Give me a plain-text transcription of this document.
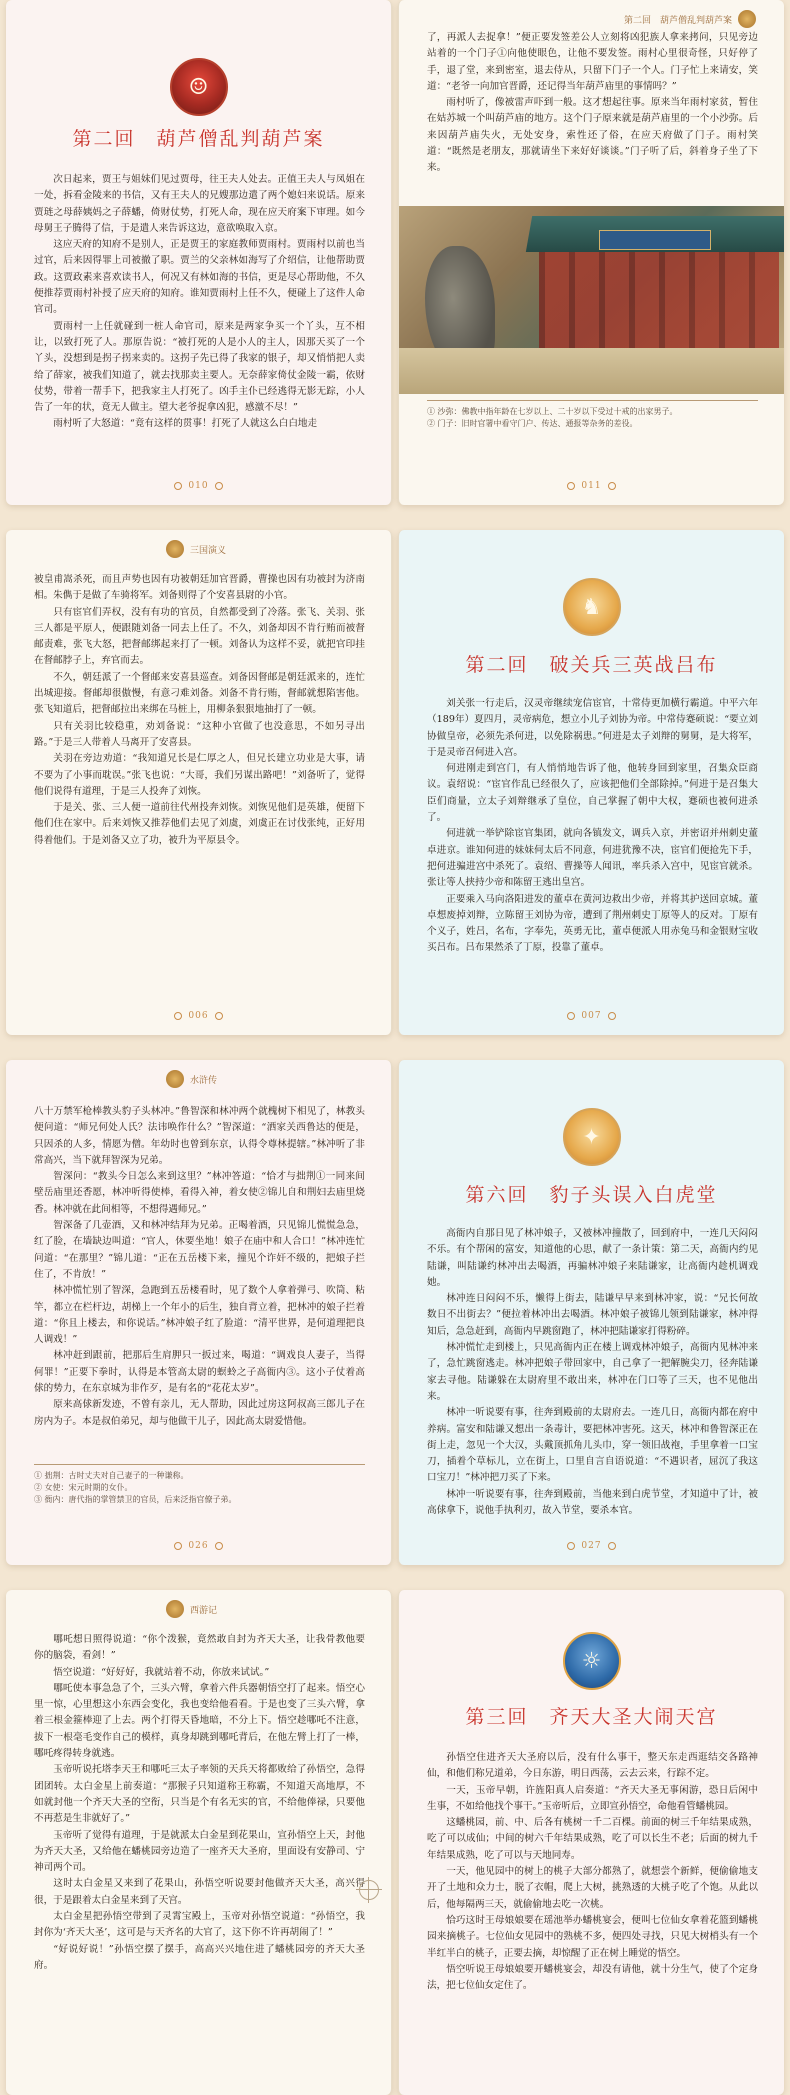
☺
第二回　葫芦僧乱判葫芦案

次日起来，贾王与姐妹们见过贾母，往王夫人处去。正值王夫人与凤姐在一处，拆看金陵来的书信，又有王夫人的兄嫂那边遣了两个媳妇来说话。原来贾琏之母薛姨妈之子薛蟠，倚财仗势，打死人命，现在应天府案下审理。如今母舅王子腾得了信，于是遣人来告诉这边，意欲唤取入京。

这应天府的知府不是别人，正是贾王的家庭教师贾雨村。贾雨村以前也当过官，后来因得罪上司被撤了职。贾兰的父亲林如海写了介绍信，让他帮助贾政。这贾政素来喜欢读书人，何况又有林如海的书信，更是尽心帮助他，不久便推荐贾雨村补授了应天府的知府。谁知贾雨村上任不久，便碰上了这件人命官司。

贾雨村一上任就碰到一桩人命官司，原来是两家争买一个丫头，互不相让，以致打死了人。那原告说：“被打死的人是小人的主人，因那天买了一个丫头，没想到是拐子拐来卖的。这拐子先已得了我家的银子，却又悄悄把人卖给了薛家，被我们知道了，就去找那卖主要人。无奈薛家倚仗金陵一霸，依财仗势，带着一帮手下，把我家主人打死了。凶手主仆已经逃得无影无踪，小人告了一年的状，竟无人做主。望大老爷捉拿凶犯，感激不尽！”

雨村听了大怒道：“竟有这样的贯事！打死了人就这么白白地走

010
第二回　葫芦僧乱判葫芦案

了，再派人去捉拿！”便正要发签差公人立刻将凶犯族人拿来拷问，只见旁边站着的一个门子①向他使眼色，让他不要发签。雨村心里很奇怪，只好停了手，退了堂，来到密室，退去侍从，只留下门子一个人。门子忙上来请安，笑道：“老爷一向加官晋爵，还记得当年葫芦庙里的事情吗？”

雨村听了，像被雷声吓到一般。这才想起往事。原来当年雨村家贫，暂住在姑苏城一个叫葫芦庙的地方。这个门子原来就是葫芦庙里的一个小沙弥。后来因葫芦庙失火，无处安身，索性还了俗，在应天府做了门子。雨村笑道：“既然是老朋友，那就请坐下来好好谈谈。”门子听了后，斜着身子坐了下来。

① 沙弥：佛教中指年龄在七岁以上、二十岁以下受过十戒的出家男子。
② 门子：旧时官署中看守门户、传达、通报等杂务的差役。
011
三国演义

被皇甫嵩杀死，而且声势也因有功被朝廷加官晋爵，曹操也因有功被封为济南相。朱儁于是做了车骑将军。刘备则得了个安喜县尉的小官。

只有宦官们弄权，没有有功的官员，自然都受到了冷落。张飞、关羽、张三人都是平原人，便跟随刘备一同去上任了。不久，刘备却因不肯行贿而被督邮责难，张飞大怒，把督邮绑起来打了一顿。刘备认为这样不妥，就把官印挂在督邮脖子上，弃官而去。

不久，朝廷派了一个督邮来安喜县巡查。刘备因督邮是朝廷派来的，连忙出城迎接。督邮却很傲慢，有意刁难刘备。刘备不肯行贿，督邮就想陷害他。张飞知道后，把督邮拉出来绑在马桩上，用柳条狠狠地抽打了一顿。

只有关羽比较稳重，劝刘备说：“这种小官做了也没意思，不如另寻出路。”于是三人带着人马离开了安喜县。

关羽在旁边劝道：“我知道兄长是仁厚之人，但兄长建立功业是大事，请不要为了小事而耽误。”张飞也说：“大哥，我们另谋出路吧！”刘备听了，觉得他们说得有道理，于是三人投奔了刘恢。

于是关、张、三人便一道前往代州投奔刘恢。刘恢见他们是英雄，便留下他们住在家中。后来刘恢又推荐他们去见了刘虞，刘虞正在讨伐张纯，正好用得着他们。于是刘备又立了功，被升为平原县令。

006
♞
第二回　破关兵三英战吕布

刘关张一行走后，汉灵帝继续宠信宦官，十常侍更加横行霸道。中平六年（189年）夏四月，灵帝病危，想立小儿子刘协为帝。中常侍蹇硕说：“要立刘协做皇帝，必须先杀何进，以免除祸患。”何进是太子刘辩的舅舅，是大将军，于是灵帝召何进入宫。

何进刚走到宫门，有人悄悄地告诉了他，他转身回到家里，召集众臣商议。袁绍说：“宦官作乱已经很久了，应该把他们全部除掉。”何进于是召集大臣们商量，立太子刘辩继承了皇位，自己掌握了朝中大权，蹇硕也被何进杀了。

何进就一举铲除宦官集团，就向各镇发文，调兵入京，并密诏并州刺史董卓进京。谁知何进的妹妹何太后不同意，何进犹豫不决，宦官们便抢先下手，把何进骗进宫中杀死了。袁绍、曹操等人闻讯，率兵杀入宫中，见宦官就杀。张让等人挟持少帝和陈留王逃出皇宫。

正要乘入马向洛阳进发的董卓在黄河边救出少帝，并将其护送回京城。董卓想废掉刘辩，立陈留王刘协为帝，遭到了荆州刺史丁原等人的反对。丁原有个义子，姓吕，名布，字奉先，英勇无比，董卓便派人用赤兔马和金银财宝收买吕布。吕布果然杀了丁原，投靠了董卓。

007
水浒传

八十万禁军枪棒教头豹子头林冲。”鲁智深和林冲两个就槐树下相见了，林教头便问道：“师兄何处人氏？法讳唤作什么？”智深道：“洒家关西鲁达的便是，只因杀的人多，情愿为僧。年幼时也曾到东京，认得令尊林提辖。”林冲听了非常高兴，当下就拜智深为兄弟。

智深问：“教头今日怎么来到这里？”林冲答道：“恰才与拙荆①一同来间壁岳庙里还香愿，林冲听得使棒，看得入神，着女使②锦儿自和荆妇去庙里烧香。林冲就在此间相等，不想得遇师兄。”

智深备了几壶酒，又和林冲结拜为兄弟。正喝着酒，只见锦儿慌慌急急，红了脸，在墙缺边叫道：“官人，休要坐地！娘子在庙中和人合口！”林冲连忙问道：“在那里？”锦儿道：“正在五岳楼下来，撞见个诈奸不级的，把娘子拦住了，不肯放！”

林冲慌忙别了智深，急跑到五岳楼看时，见了数个人拿着弹弓、吹筒、粘竿，都立在栏杆边，胡梯上一个年小的后生，独自背立着，把林冲的娘子拦着道：“你且上楼去，和你说话。”林冲娘子红了脸道：“清平世界，是何道理把良人调戏！”

林冲赶到跟前，把那后生肩胛只一扳过来，喝道：“调戏良人妻子，当得何罪！”正要下拳时，认得是本管高太尉的螟蛉之子高衙内③。这小子仗着高俅的势力，在东京城为非作歹，是有名的“花花太岁”。

原来高俅新发迹，不曾有亲儿，无人帮助，因此过房这阿叔高三郎儿子在房内为子。本是叔伯弟兄，却与他做干儿子，因此高太尉爱惜他。

① 拙荆：古时丈夫对自己妻子的一种谦称。
② 女使：宋元时期的女仆。
③ 衙内：唐代指的掌管禁卫的官员，后来泛指官僚子弟。
026
✦
第六回　豹子头误入白虎堂

高衙内自那日见了林冲娘子，又被林冲撞散了，回到府中，一连几天闷闷不乐。有个帮闲的富安，知道他的心思，献了一条计策：第二天，高衙内约见陆谦，叫陆谦约林冲出去喝酒，再骗林冲娘子来陆谦家，让高衙内趁机调戏她。

林冲连日闷闷不乐，懒得上街去，陆谦早早来到林冲家，说：“兄长何故数日不出街去？”便拉着林冲出去喝酒。林冲娘子被锦儿领到陆谦家，林冲得知后，急急赶到，高衙内早跳窗跑了，林冲把陆谦家打得粉碎。

林冲慌忙走到楼上，只见高衙内正在楼上调戏林冲娘子，高衙内见林冲来了，急忙跳窗逃走。林冲把娘子带回家中，自己拿了一把解腕尖刀，径奔陆谦家去寻他。陆谦躲在太尉府里不敢出来，林冲在门口等了三天，也不见他出来。

林冲一听说要有事，往奔到殿前的太尉府去。一连几日，高衙内都在府中养病。富安和陆谦又想出一条毒计，要把林冲害死。这天，林冲和鲁智深正在街上走，忽见一个大汉，头戴顶抓角儿头巾，穿一领旧战袍，手里拿着一口宝刀，插着个草标儿，立在街上，口里自言自语说道：“不遇识者，屈沉了我这口宝刀！”林冲把刀买了下来。

林冲一听说要有事，往奔到殿前，当他来到白虎节堂，才知道中了计，被高俅拿下，说他手执利刃，故入节堂，要杀本官。

027
西游记

哪吒想日照得说道：“你个泼猴，竟然敢自封为齐天大圣，让我骨教他要你的脑袋，看剑！”

悟空说道：“好好好，我就站着不动，你放来试试。”

哪吒使本事急急了个，三头六臂，拿着六件兵器朝悟空打了起来。悟空心里一惊，心里想这小东西会变化，我也变给他看看。于是也变了三头六臂，拿着三根金箍棒迎了上去。两个打得天昏地暗，不分上下。悟空趁哪吒不注意，拔下一根毫毛变作自己的模样，真身却跳到哪吒背后，在他左臂上打了一棒，哪吒疼得转身就逃。

玉帝听说托塔李天王和哪吒三太子率领的天兵天将都败给了孙悟空，急得团团转。太白金星上前奏道：“那猴子只知道称王称霸，不知道天高地厚，不如就封他一个齐天大圣的空衔，只当是个有名无实的官，不给他俸禄，只要他不再惹是生非就好了。”

玉帝听了觉得有道理，于是就派太白金星到花果山，宣孙悟空上天，封他为齐天大圣，又给他在蟠桃园旁边造了一座齐天大圣府，里面设有安静司、宁神司两个司。

这时太白金星又来到了花果山，孙悟空听说要封他做齐天大圣，高兴得很，于是跟着太白金星来到了天宫。

太白金星把孙悟空带到了灵霄宝殿上，玉帝对孙悟空说道：“孙悟空，我封你为‘齐天大圣’，这可是与天齐名的大官了，这下你不许再胡闹了！”

“好说好说！”孙悟空摆了摆手，高高兴兴地住进了蟠桃园旁的齐天大圣府。

☼
第三回　齐天大圣大闹天宫

孙悟空住进齐天大圣府以后，没有什么事干，整天东走西逛结交各路神仙，和他们称兄道弟，今日东游，明日西荡，云去云来，行踪不定。

一天，玉帝早朝，许旌阳真人启奏道：“齐天大圣无事闲游，恐日后闲中生事，不如给他找个事干。”玉帝听后，立即宣孙悟空，命他看管蟠桃园。

这蟠桃园，前、中、后各有桃树一千二百棵。前面的树三千年结果成熟，吃了可以成仙；中间的树六千年结果成熟，吃了可以长生不老；后面的树九千年结果成熟，吃了可以与天地同寿。

一天，他见园中的树上的桃子大部分都熟了，就想尝个新鲜，便偷偷地支开了土地和众力士，脱了衣帽，爬上大树，挑熟透的大桃子吃了个饱。从此以后，他每隔两三天，就偷偷地去吃一次桃。

恰巧这时王母娘娘要在瑶池举办蟠桃宴会，便叫七位仙女拿着花篮到蟠桃园来摘桃子。七位仙女见园中的熟桃不多，便四处寻找，只见大树梢头有一个半红半白的桃子，正要去摘，却惊醒了正在树上睡觉的悟空。

悟空听说王母娘娘要开蟠桃宴会，却没有请他，就十分生气，使了个定身法，把七位仙女定住了。
